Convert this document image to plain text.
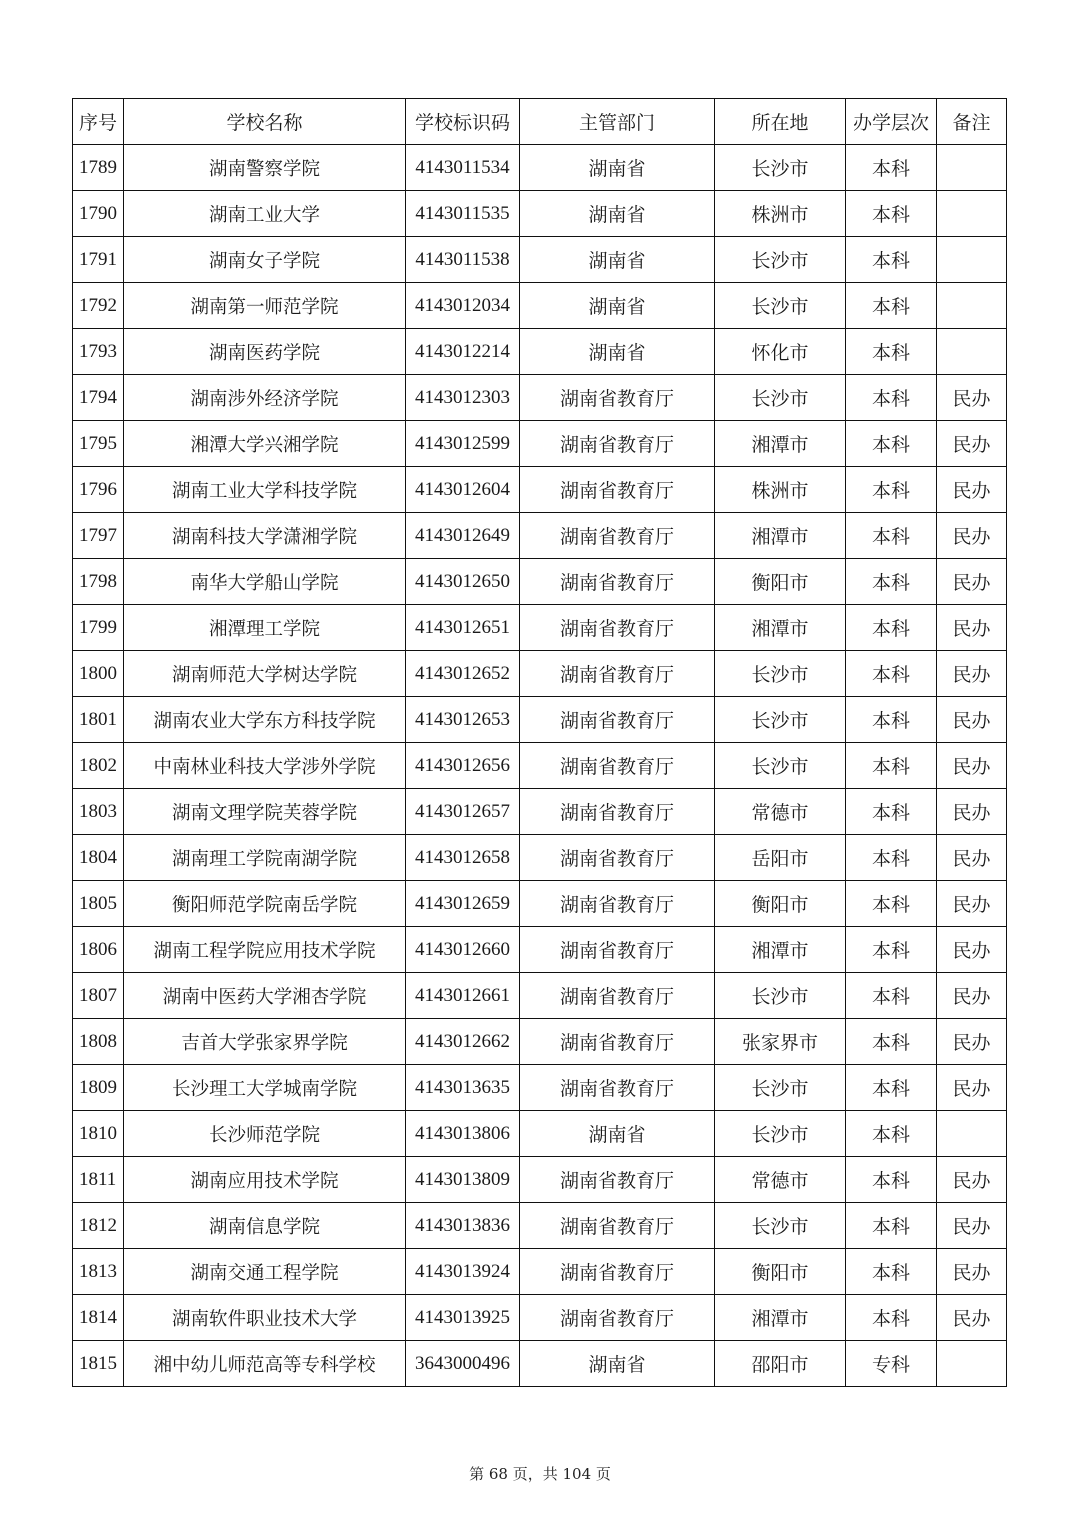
序号	学校名称	学校标识码	主管部门	所在地	办学层次	备注
1789	湖南警察学院	4143011534	湖南省	长沙市	本科	
1790	湖南工业大学	4143011535	湖南省	株洲市	本科	
1791	湖南女子学院	4143011538	湖南省	长沙市	本科	
1792	湖南第一师范学院	4143012034	湖南省	长沙市	本科	
1793	湖南医药学院	4143012214	湖南省	怀化市	本科	
1794	湖南涉外经济学院	4143012303	湖南省教育厅	长沙市	本科	民办
1795	湘潭大学兴湘学院	4143012599	湖南省教育厅	湘潭市	本科	民办
1796	湖南工业大学科技学院	4143012604	湖南省教育厅	株洲市	本科	民办
1797	湖南科技大学潇湘学院	4143012649	湖南省教育厅	湘潭市	本科	民办
1798	南华大学船山学院	4143012650	湖南省教育厅	衡阳市	本科	民办
1799	湘潭理工学院	4143012651	湖南省教育厅	湘潭市	本科	民办
1800	湖南师范大学树达学院	4143012652	湖南省教育厅	长沙市	本科	民办
1801	湖南农业大学东方科技学院	4143012653	湖南省教育厅	长沙市	本科	民办
1802	中南林业科技大学涉外学院	4143012656	湖南省教育厅	长沙市	本科	民办
1803	湖南文理学院芙蓉学院	4143012657	湖南省教育厅	常德市	本科	民办
1804	湖南理工学院南湖学院	4143012658	湖南省教育厅	岳阳市	本科	民办
1805	衡阳师范学院南岳学院	4143012659	湖南省教育厅	衡阳市	本科	民办
1806	湖南工程学院应用技术学院	4143012660	湖南省教育厅	湘潭市	本科	民办
1807	湖南中医药大学湘杏学院	4143012661	湖南省教育厅	长沙市	本科	民办
1808	吉首大学张家界学院	4143012662	湖南省教育厅	张家界市	本科	民办
1809	长沙理工大学城南学院	4143013635	湖南省教育厅	长沙市	本科	民办
1810	长沙师范学院	4143013806	湖南省	长沙市	本科	
1811	湖南应用技术学院	4143013809	湖南省教育厅	常德市	本科	民办
1812	湖南信息学院	4143013836	湖南省教育厅	长沙市	本科	民办
1813	湖南交通工程学院	4143013924	湖南省教育厅	衡阳市	本科	民办
1814	湖南软件职业技术大学	4143013925	湖南省教育厅	湘潭市	本科	民办
1815	湘中幼儿师范高等专科学校	3643000496	湖南省	邵阳市	专科	
第 68 页，共 104 页
